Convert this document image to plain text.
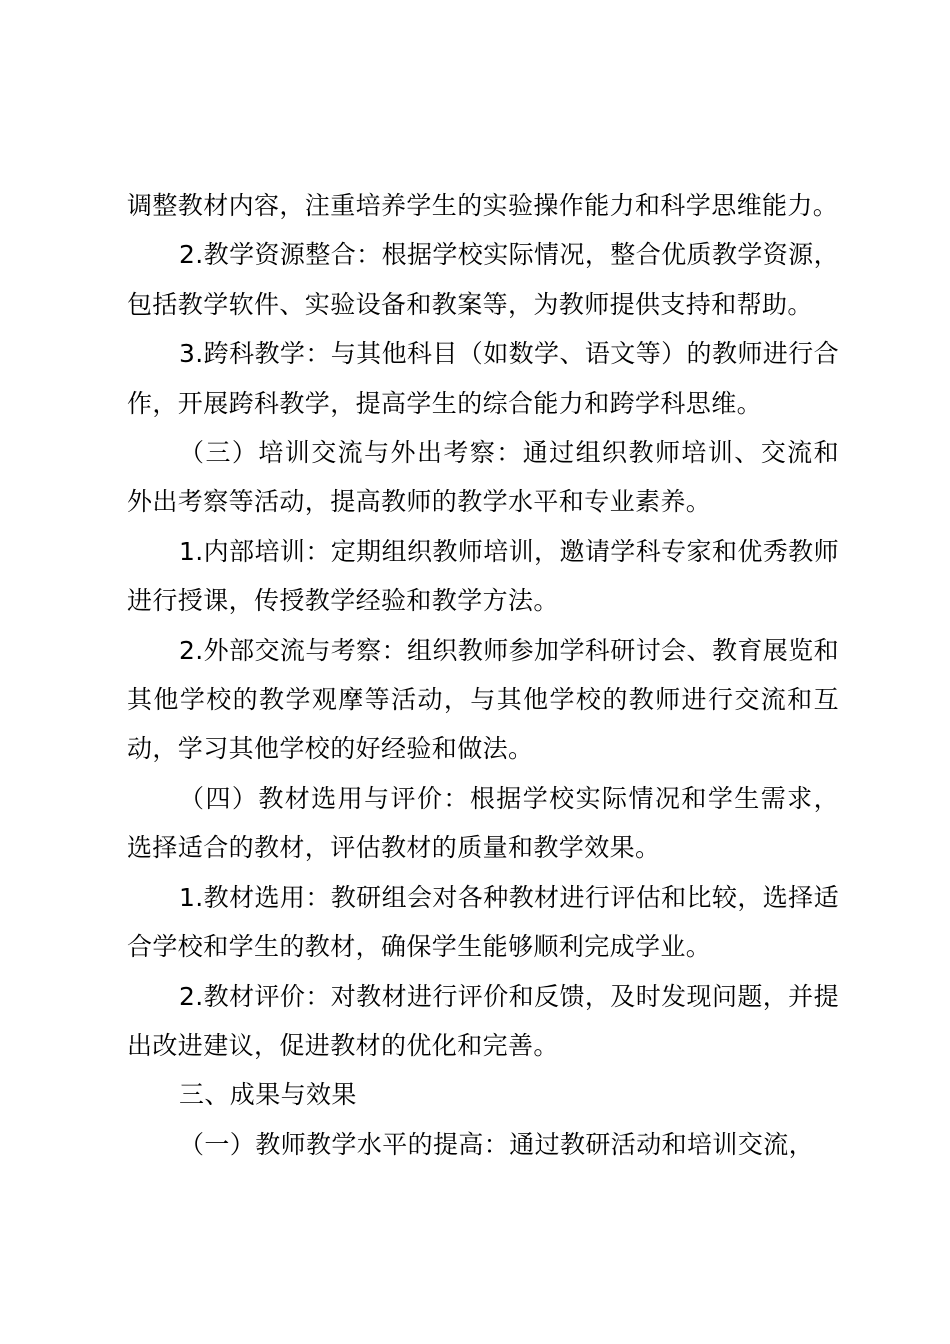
调整教材内容，注重培养学生的实验操作能力和科学思维能力。

2.教学资源整合：根据学校实际情况，整合优质教学资源，包括教学软件、实验设备和教案等，为教师提供支持和帮助。

3.跨科教学：与其他科目（如数学、语文等）的教师进行合作，开展跨科教学，提高学生的综合能力和跨学科思维。

（三）培训交流与外出考察：通过组织教师培训、交流和外出考察等活动，提高教师的教学水平和专业素养。

1.内部培训：定期组织教师培训，邀请学科专家和优秀教师进行授课，传授教学经验和教学方法。

2.外部交流与考察：组织教师参加学科研讨会、教育展览和其他学校的教学观摩等活动，与其他学校的教师进行交流和互动，学习其他学校的好经验和做法。

（四）教材选用与评价：根据学校实际情况和学生需求，选择适合的教材，评估教材的质量和教学效果。

1.教材选用：教研组会对各种教材进行评估和比较，选择适合学校和学生的教材，确保学生能够顺利完成学业。

2.教材评价：对教材进行评价和反馈，及时发现问题，并提出改进建议，促进教材的优化和完善。

三、成果与效果

（一）教师教学水平的提高：通过教研活动和培训交流，
